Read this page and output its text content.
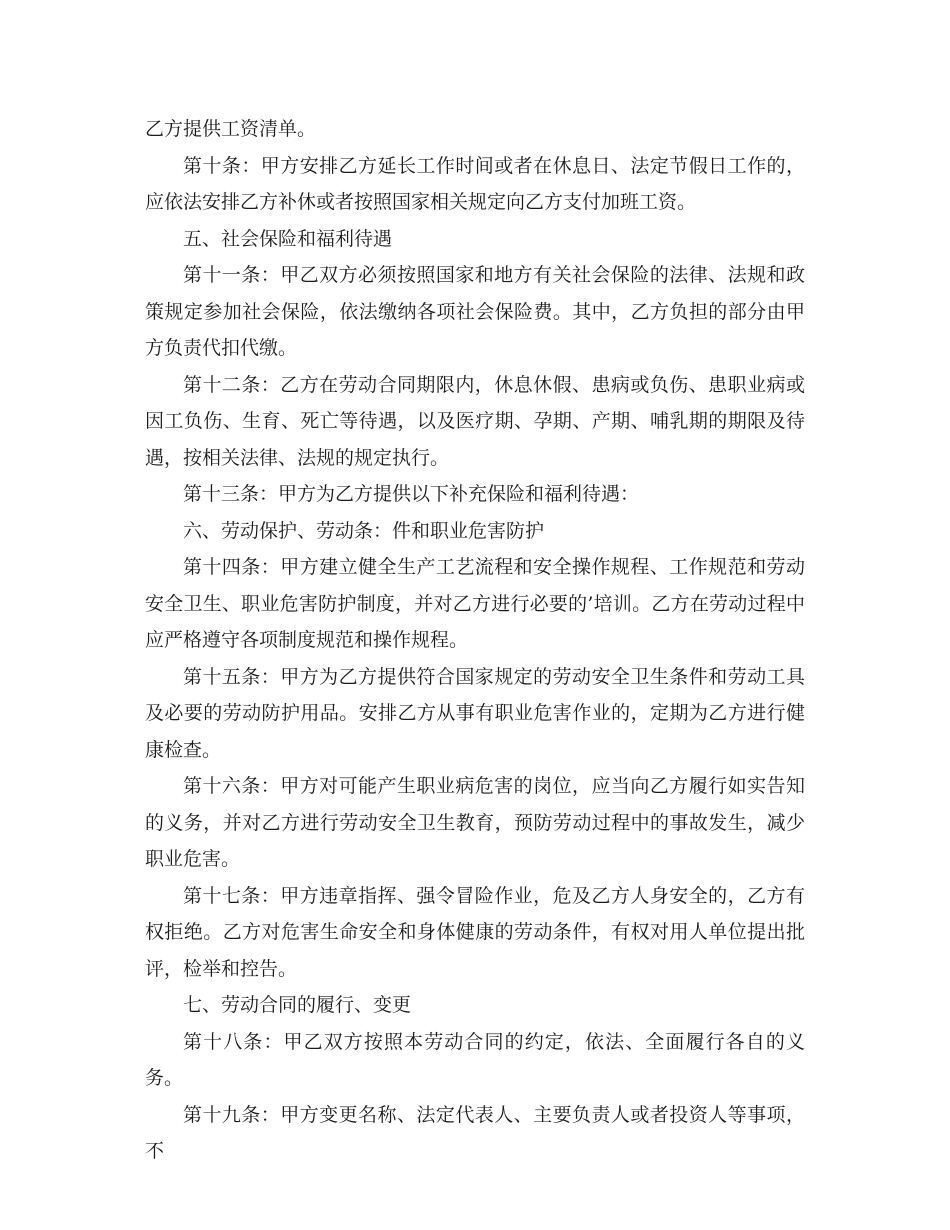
乙方提供工资清单。

第十条：甲方安排乙方延长工作时间或者在休息日、法定节假日工作的，应依法安排乙方补休或者按照国家相关规定向乙方支付加班工资。

五、社会保险和福利待遇

第十一条：甲乙双方必须按照国家和地方有关社会保险的法律、法规和政策规定参加社会保险，依法缴纳各项社会保险费。其中，乙方负担的部分由甲方负责代扣代缴。

第十二条：乙方在劳动合同期限内，休息休假、患病或负伤、患职业病或因工负伤、生育、死亡等待遇，以及医疗期、孕期、产期、哺乳期的期限及待遇，按相关法律、法规的规定执行。

第十三条：甲方为乙方提供以下补充保险和福利待遇：

六、劳动保护、劳动条：件和职业危害防护

第十四条：甲方建立健全生产工艺流程和安全操作规程、工作规范和劳动安全卫生、职业危害防护制度，并对乙方进行必要的’培训。乙方在劳动过程中应严格遵守各项制度规范和操作规程。

第十五条：甲方为乙方提供符合国家规定的劳动安全卫生条件和劳动工具及必要的劳动防护用品。安排乙方从事有职业危害作业的，定期为乙方进行健康检查。

第十六条：甲方对可能产生职业病危害的岗位，应当向乙方履行如实告知的义务，并对乙方进行劳动安全卫生教育，预防劳动过程中的事故发生，减少职业危害。

第十七条：甲方违章指挥、强令冒险作业，危及乙方人身安全的，乙方有权拒绝。乙方对危害生命安全和身体健康的劳动条件，有权对用人单位提出批评，检举和控告。

七、劳动合同的履行、变更

第十八条：甲乙双方按照本劳动合同的约定，依法、全面履行各自的义务。

第十九条：甲方变更名称、法定代表人、主要负责人或者投资人等事项，不
